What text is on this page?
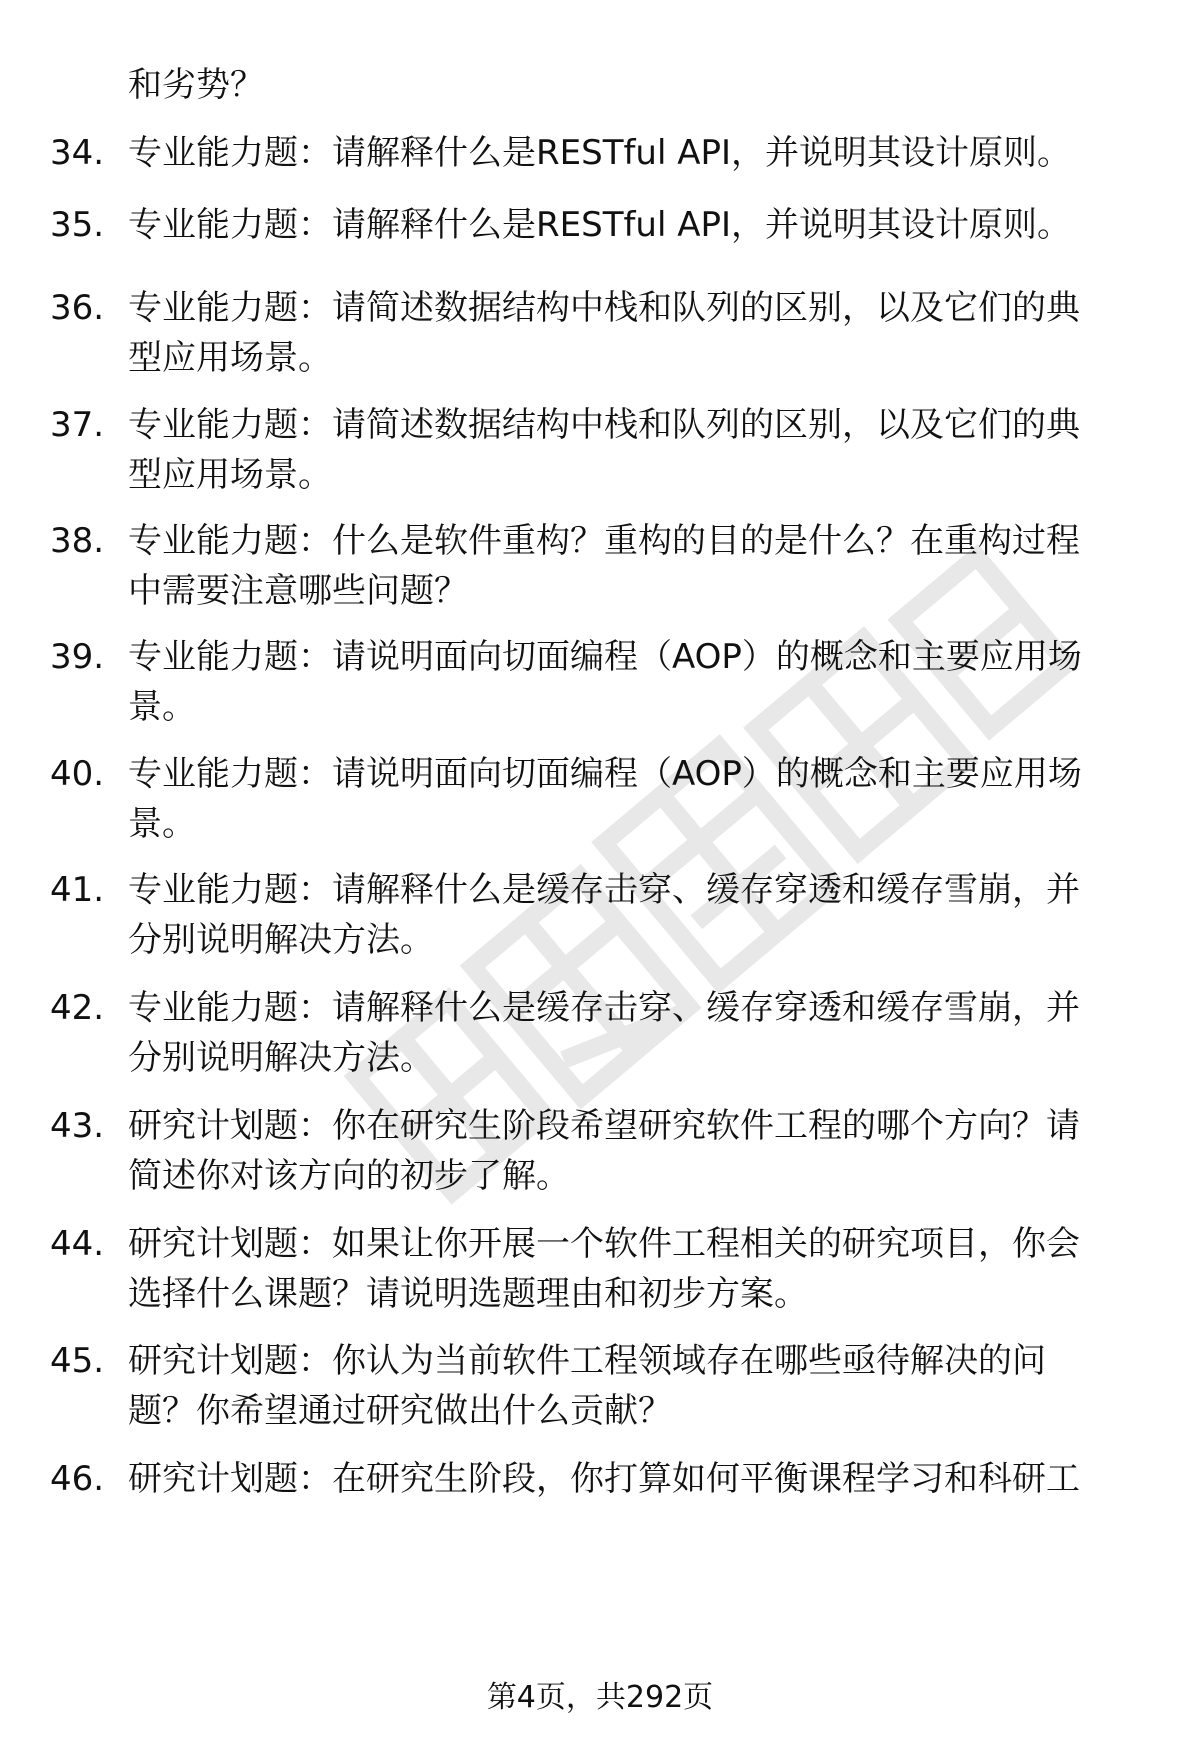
和劣势？
34. 专业能力题：请解释什么是RESTful API，并说明其设计原则。
35. 专业能力题：请解释什么是RESTful API，并说明其设计原则。
36. 专业能力题：请简述数据结构中栈和队列的区别，以及它们的典
型应用场景。
37. 专业能力题：请简述数据结构中栈和队列的区别，以及它们的典
型应用场景。
38. 专业能力题：什么是软件重构？重构的目的是什么？在重构过程
中需要注意哪些问题？
39. 专业能力题：请说明面向切面编程（AOP）的概念和主要应用场
景。
40. 专业能力题：请说明面向切面编程（AOP）的概念和主要应用场
景。
41. 专业能力题：请解释什么是缓存击穿、缓存穿透和缓存雪崩，并
分别说明解决方法。
42. 专业能力题：请解释什么是缓存击穿、缓存穿透和缓存雪崩，并
分别说明解决方法。
43. 研究计划题：你在研究生阶段希望研究软件工程的哪个方向？请
简述你对该方向的初步了解。
44. 研究计划题：如果让你开展一个软件工程相关的研究项目，你会
选择什么课题？请说明选题理由和初步方案。
45. 研究计划题：你认为当前软件工程领域存在哪些亟待解决的问
题？你希望通过研究做出什么贡献？
46. 研究计划题：在研究生阶段，你打算如何平衡课程学习和科研工
第4页，共292页
